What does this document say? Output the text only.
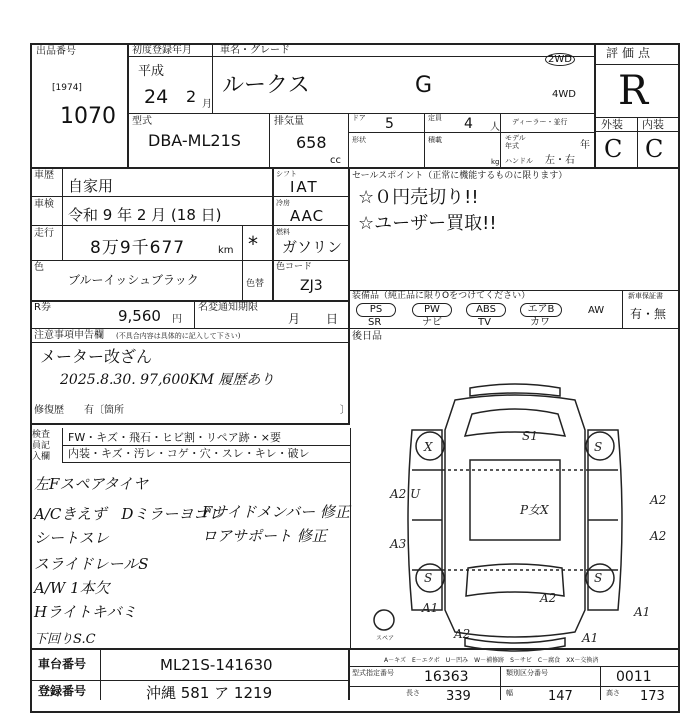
出品番号
[1974]
1070
初度登録年月
平成
24 2 月
車名・グレード
ルークス	G
型式
DBA-ML21S
排気量
658
cc
ドア 5	定員 4 人 ディーラー・並行
形状	積載	モデル年式	年
kg ハンドル 左・右
2WD
4WD
評価点
R
外装 内装
C C
車歴
自家用
シフト
IAT
車検
令和 9 年 2 月 (18 日)
冷房
AAC
走行
8万9千677	km *	燃料
ガソリン
色
ブルーイッシュブラック	色替
色コード
ZJ3
R券	9,560 円
名変通知期限
月 日
セールスポイント（正常に機能するものに限ります）
☆０円売切り!!
☆ユーザー買取!!
装備品（純正品に限りОをつけてください）
PS	PW	ABS	エアB	AW
SR	ナビ	TV	カワ
新車保証書
有・無
後日品
注意事項申告欄 (不具合内容は具体的に記入して下さい)
メーター改ざん
2025.8.30. 97,600KM 履歴あり
修復歴 有〔箇所	〕
検査員記入欄
FW・キズ・飛石・ヒビ割・リペア跡・×要
内装・キズ・汚レ・コゲ・穴・スレ・キレ・破レ
左Fスペアタイヤ
A/Cきえず　Dミラーヨゴレ
Fサイドメンバー 修正
シートスレ	ロアサポート 修正
スライドレールS
A/W 1本欠
Hライトキバミ
下回りS.C
S1
X	S
A2 U	A2
A3
A2
P女X
S	S
A2
A1	A1
A2	A1
スペア
A－キズ　E－エクボ　U－凹み　W－補修跡　S－サビ　C－腐食　XX－交換済
車台番号	ML21S-141630
登録番号	沖縄 581 ア 1219
型式指定番号 16363	類別区分番号	0011
長さ 339	幅	147	高さ 173
